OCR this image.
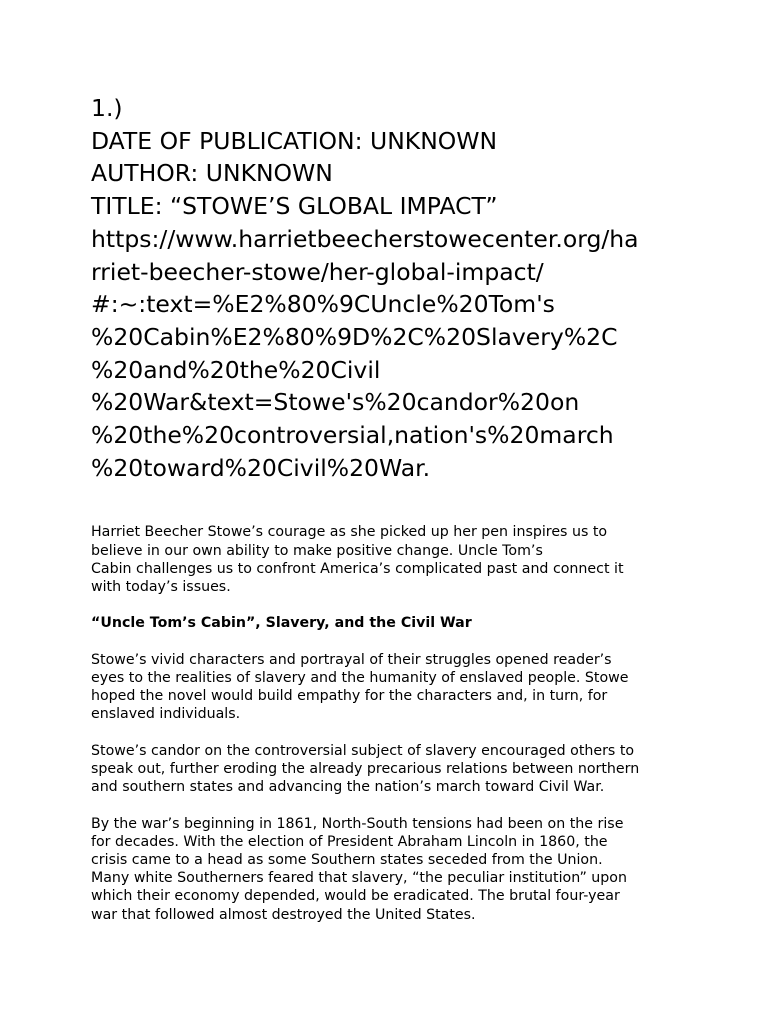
1.)
DATE OF PUBLICATION: UNKNOWN
AUTHOR: UNKNOWN
TITLE: “STOWE’S GLOBAL IMPACT”
https://www.harrietbeecherstowecenter.org/ha
rriet-beecher-stowe/her-global-impact/
#:~:text=%E2%80%9CUncle%20Tom's
%20Cabin%E2%80%9D%2C%20Slavery%2C
%20and%20the%20Civil
%20War&text=Stowe's%20candor%20on
%20the%20controversial,nation's%20march
%20toward%20Civil%20War.

Harriet Beecher Stowe’s courage as she picked up her pen inspires us to
believe in our own ability to make positive change. Uncle Tom’s
Cabin challenges us to confront America’s complicated past and connect it
with today’s issues.

“Uncle Tom’s Cabin”, Slavery, and the Civil War

Stowe’s vivid characters and portrayal of their struggles opened reader’s
eyes to the realities of slavery and the humanity of enslaved people. Stowe
hoped the novel would build empathy for the characters and, in turn, for
enslaved individuals.

Stowe’s candor on the controversial subject of slavery encouraged others to
speak out, further eroding the already precarious relations between northern
and southern states and advancing the nation’s march toward Civil War.

By the war’s beginning in 1861, North-South tensions had been on the rise
for decades. With the election of President Abraham Lincoln in 1860, the
crisis came to a head as some Southern states seceded from the Union.
Many white Southerners feared that slavery, “the peculiar institution” upon
which their economy depended, would be eradicated. The brutal four-year
war that followed almost destroyed the United States.
